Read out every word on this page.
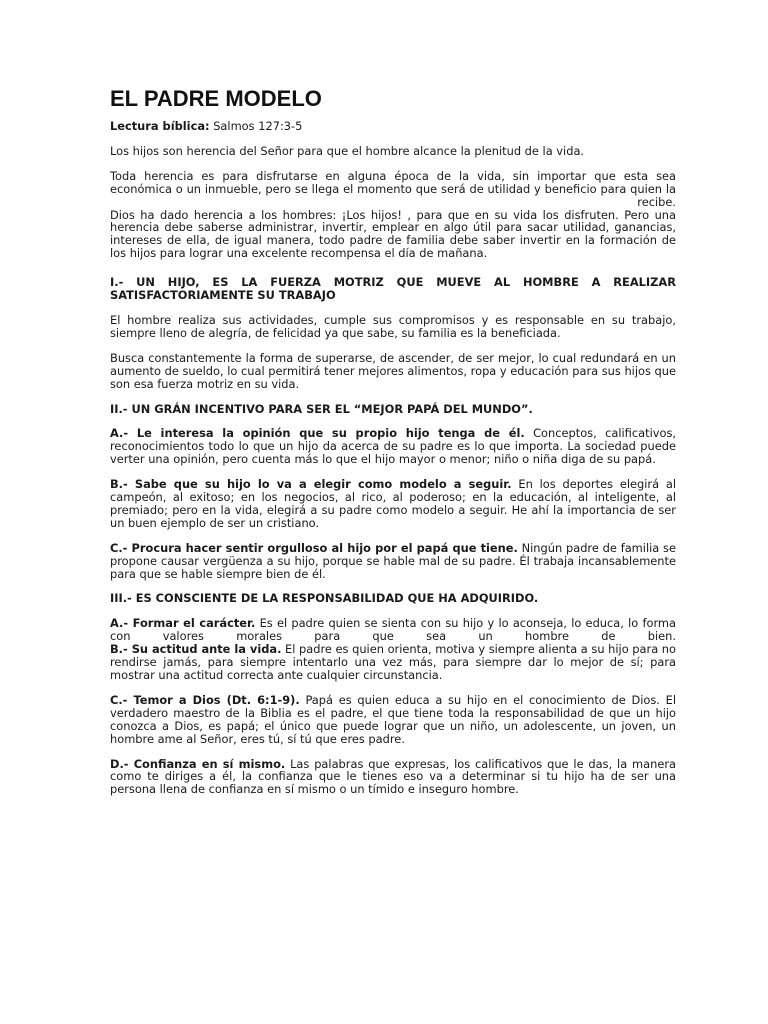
EL PADRE MODELO

Lectura bíblica: Salmos 127:3-5

Los hijos son herencia del Señor para que el hombre alcance la plenitud de la vida.

Toda herencia es para disfrutarse en alguna época de la vida, sin importar que esta sea económica o un inmueble, pero se llega el momento que será de utilidad y beneficio para quien la

recibe.

Dios ha dado herencia a los hombres: ¡Los hijos! , para que en su vida los disfruten. Pero una herencia debe saberse administrar, invertir, emplear en algo útil para sacar utilidad, ganancias, intereses de ella, de igual manera, todo padre de familia debe saber invertir en la formación de los hijos para lograr una excelente recompensa el día de mañana.

I.- UN HIJO, ES LA FUERZA MOTRIZ QUE MUEVE AL HOMBRE A REALIZAR SATISFACTORIAMENTE SU TRABAJO

El hombre realiza sus actividades, cumple sus compromisos y es responsable en su trabajo, siempre lleno de alegría, de felicidad ya que sabe, su familia es la beneficiada.

Busca constantemente la forma de superarse, de ascender, de ser mejor, lo cual redundará en un aumento de sueldo, lo cual permitirá tener mejores alimentos, ropa y educación para sus hijos que son esa fuerza motriz en su vida.

II.- UN GRÁN INCENTIVO PARA SER EL “MEJOR PAPÁ DEL MUNDO”.

A.- Le interesa la opinión que su propio hijo tenga de él. Conceptos, calificativos, reconocimientos todo lo que un hijo da acerca de su padre es lo que importa. La sociedad puede verter una opinión, pero cuenta más lo que el hijo mayor o menor; niño o niña diga de su papá.

B.- Sabe que su hijo lo va a elegir como modelo a seguir. En los deportes elegirá al campeón, al exitoso; en los negocios, al rico, al poderoso; en la educación, al inteligente, al premiado; pero en la vida, elegirá a su padre como modelo a seguir. He ahí la importancia de ser un buen ejemplo de ser un cristiano.

C.- Procura hacer sentir orgulloso al hijo por el papá que tiene. Ningún padre de familia se propone causar vergüenza a su hijo, porque se hable mal de su padre. Él trabaja incansablemente para que se hable siempre bien de él.

III.- ES CONSCIENTE DE LA RESPONSABILIDAD QUE HA ADQUIRIDO.

A.- Formar el carácter. Es el padre quien se sienta con su hijo y lo aconseja, lo educa, lo forma con valores morales para que sea un hombre de bien.

B.- Su actitud ante la vida. El padre es quien orienta, motiva y siempre alienta a su hijo para no rendirse jamás, para siempre intentarlo una vez más, para siempre dar lo mejor de sí; para mostrar una actitud correcta ante cualquier circunstancia.

C.- Temor a Dios (Dt. 6:1-9). Papá es quien educa a su hijo en el conocimiento de Dios. El verdadero maestro de la Biblia es el padre, el que tiene toda la responsabilidad de que un hijo conozca a Dios, es papá; el único que puede lograr que un niño, un adolescente, un joven, un hombre ame al Señor, eres tú, sí tú que eres padre.

D.- Confianza en sí mismo. Las palabras que expresas, los calificativos que le das, la manera como te diriges a él, la confianza que le tienes eso va a determinar si tu hijo ha de ser una persona llena de confianza en sí mismo o un tímido e inseguro hombre.
